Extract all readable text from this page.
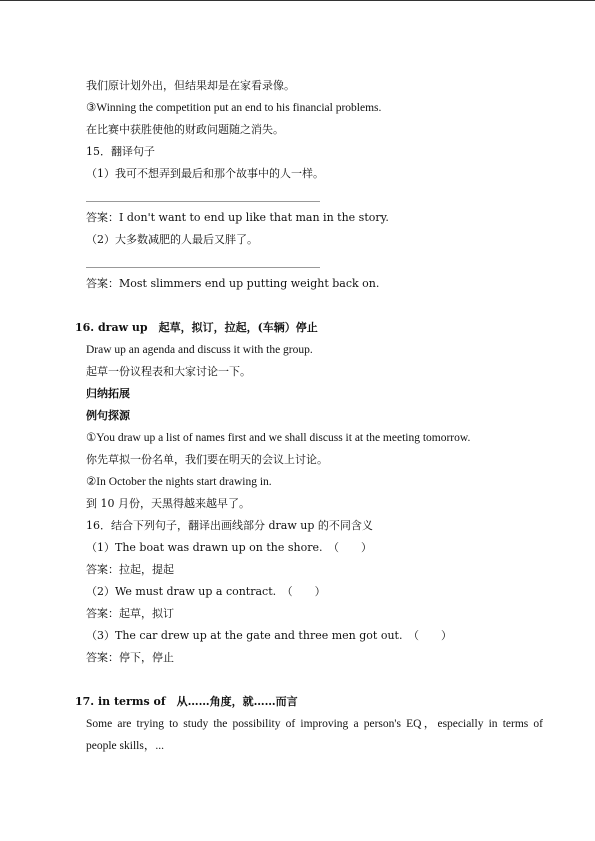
我们原计划外出，但结果却是在家看录像。
③Winning the competition put an end to his financial problems.
在比赛中获胜使他的财政问题随之消失。
15．翻译句子
（1）我可不想弄到最后和那个故事中的人一样。
答案：I don't want to end up like that man in the story.
（2）大多数减肥的人最后又胖了。
答案：Most slimmers end up putting weight back on.
16. draw up　起草，拟订，拉起，(车辆）停止
Draw up an agenda and discuss it with the group.
起草一份议程表和大家讨论一下。
归纳拓展
例句探源
①You draw up a list of names first and we shall discuss it at the meeting tomorrow.
你先草拟一份名单，我们要在明天的会议上讨论。
②In October the nights start drawing in.
到 10 月份，天黑得越来越早了。
16．结合下列句子，翻译出画线部分 draw up 的不同含义
（1）The boat was drawn up on the shore.　（　　）
答案：拉起，提起
（2）We must draw up a contract.　（　　）
答案：起草，拟订
（3）The car drew up at the gate and three men got out.　（　　）
答案：停下，停止
17. in terms of　从……角度，就……而言
Some are trying to study the possibility of improving a person's EQ，especially in terms of
people skills，...
